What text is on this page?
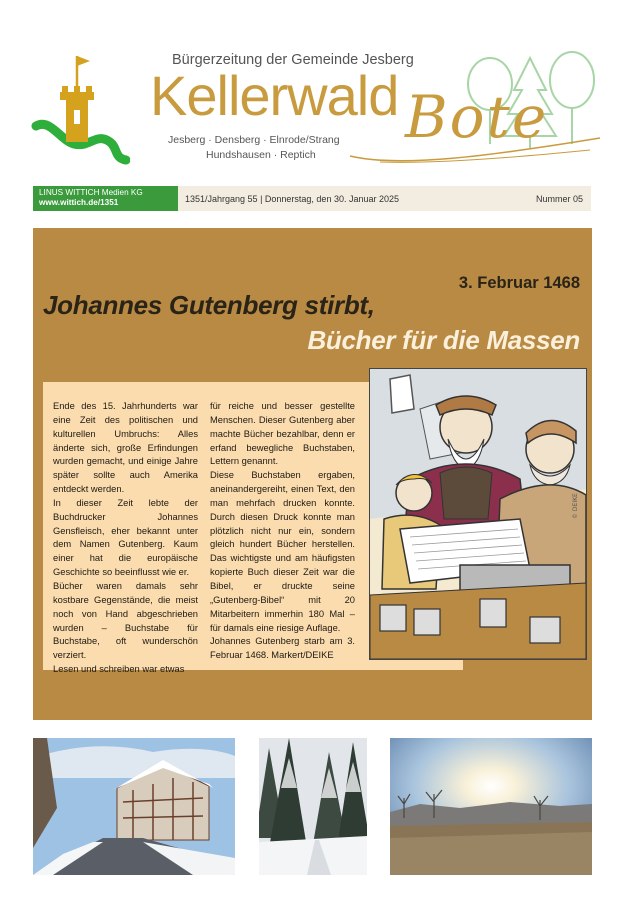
Bürgerzeitung der Gemeinde Jesberg
Kellerwald Bote
Jesberg · Densberg · Elnrode/Strang
Hundshausen · Reptich
LINUS WITTICH Medien KG
www.wittich.de/1351	1351/Jahrgang 55 | Donnerstag, den 30. Januar 2025	Nummer 05
3. Februar 1468
Johannes Gutenberg stirbt,
Bücher für die Massen

Ende des 15. Jahrhunderts war eine Zeit des politischen und kulturellen Umbruchs: Alles änderte sich, große Erfindungen wurden gemacht, und einige Jahre später sollte auch Amerika entdeckt werden.
In dieser Zeit lebte der Buchdrucker Johannes Gensfleisch, eher bekannt unter dem Namen Gutenberg. Kaum einer hat die europäische Geschichte so beeinflusst wie er.
Bücher waren damals sehr kostbare Gegenstände, die meist noch von Hand abgeschrieben wurden – Buchstabe für Buchstabe, oft wunderschön verziert.
Lesen und schreiben war etwas

für reiche und besser gestellte Menschen. Dieser Gutenberg aber machte Bücher bezahlbar, denn er erfand bewegliche Buchstaben, Lettern genannt.
Diese Buchstaben ergaben, aneinandergereiht, einen Text, den man mehrfach drucken konnte. Durch diesen Druck konnte man plötzlich nicht nur ein, sondern gleich hundert Bücher herstellen. Das wichtigste und am häufigsten kopierte Buch dieser Zeit war die Bibel, er druckte seine „Gutenberg-Bibel“ mit 20 Mitarbeitern immerhin 180 Mal – für damals eine riesige Auflage.
Johannes Gutenberg starb am 3. Februar 1468. Markert/DEIKE

© DEIKE
